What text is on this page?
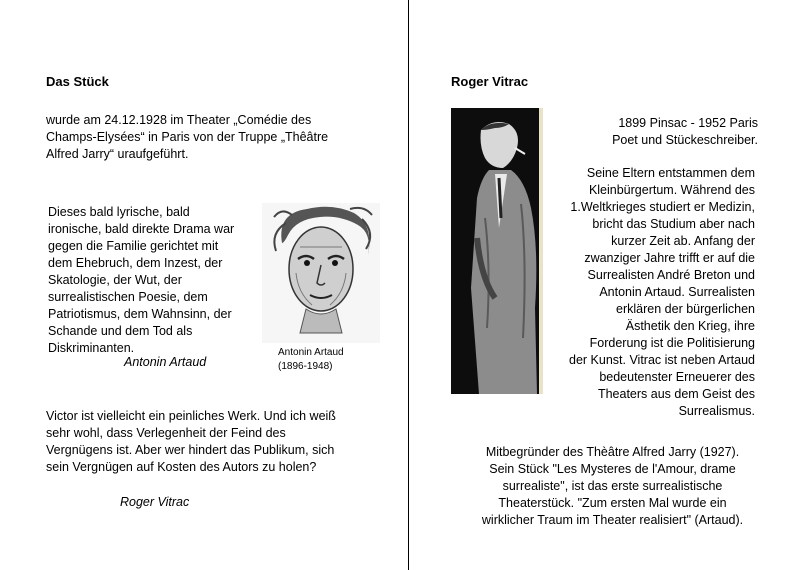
Das Stück
wurde am 24.12.1928 im Theater „Comédie des
Champs-Elysées“ in Paris von der Truppe „Thêâtre
Alfred Jarry“ uraufgeführt.
Dieses bald lyrische, bald
ironische, bald direkte Drama war
gegen die Familie gerichtet mit
dem Ehebruch, dem Inzest, der
Skatologie, der Wut, der
surrealistischen Poesie, dem
Patriotismus, dem Wahnsinn, der
Schande und dem Tod als
Diskriminanten.
Antonin Artaud
Antonin Artaud
(1896-1948)
Victor ist vielleicht ein peinliches Werk. Und ich weiß
sehr wohl, dass Verlegenheit der Feind des
Vergnügens ist. Aber wer hindert das Publikum, sich
sein Vergnügen auf Kosten des Autors zu holen?
Roger Vitrac
Roger Vitrac
1899 Pinsac - 1952 Paris
Poet und Stückeschreiber.
Seine Eltern entstammen dem
Kleinbürgertum. Während des
1.Weltkrieges studiert er Medizin,
bricht das Studium aber nach
kurzer Zeit ab. Anfang der
zwanziger Jahre trifft er auf die
Surrealisten André Breton und
Antonin Artaud. Surrealisten
erklären der bürgerlichen
Ästhetik den Krieg, ihre
Forderung ist die Politisierung
der Kunst. Vitrac ist neben Artaud
bedeutenster Erneuerer des
Theaters aus dem Geist des
Surrealismus.
Mitbegründer des Thèâtre Alfred Jarry (1927).
Sein Stück "Les Mysteres de l'Amour, drame
surrealiste", ist das erste surrealistische
Theaterstück. "Zum ersten Mal wurde ein
wirklicher Traum im Theater realisiert" (Artaud).
